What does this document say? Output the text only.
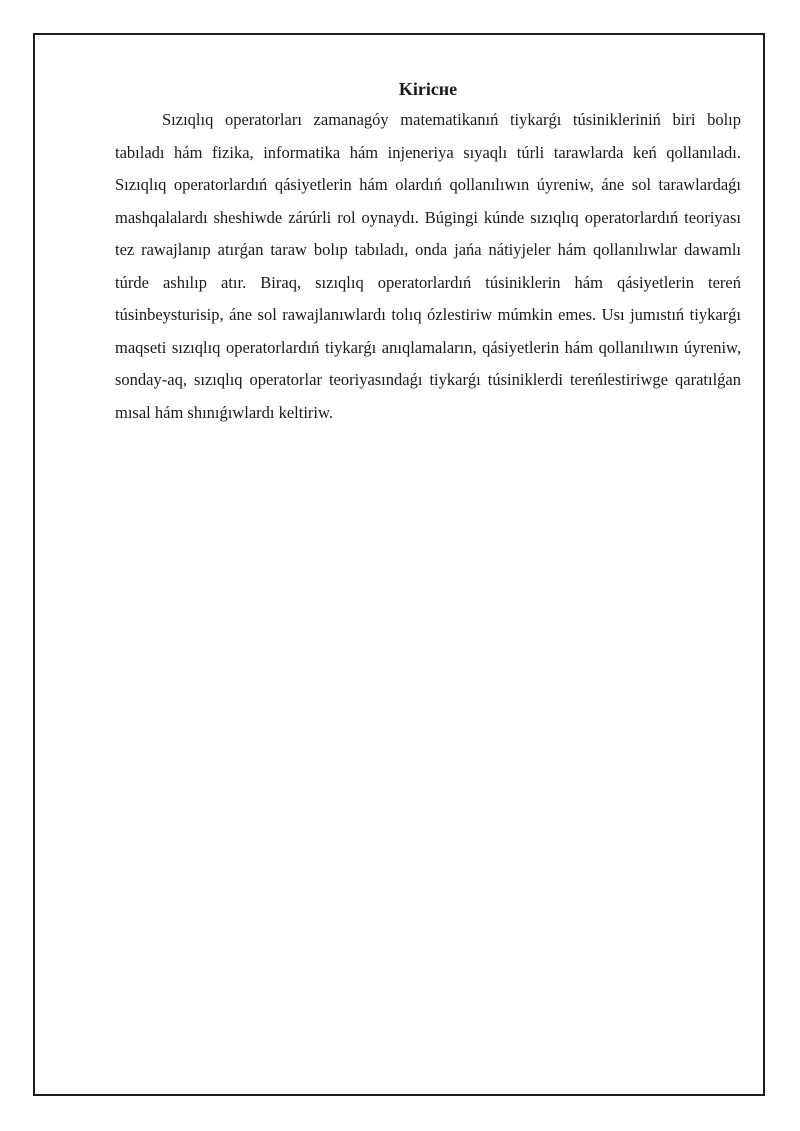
Kirісне

Sızıqlıq operatorları zamanagóy matematikanıń tiykarǵı túsiniklerіniń biri bolıp tabıladı hám fizika, informatika hám injeneriya sıyaqlı túrli tarawlarda keń qollanıladı. Sızıqlıq operatorlardıń qásiyetlerin hám olardıń qollanılıwın úyreniw, áne sol tarawlardaǵı mashqalalardı sheshiwde zárúrli rol oynaydı. Búgingi kúnde sızıqlıq operatorlardıń teoriyası tez rawajlanıp atırǵan taraw bolıp tabıladı, onda jańa nátiyjeler hám qollanılıwlar dawamlı túrde ashılıp atır. Biraq, sızıqlıq operatorlardıń túsiniklerin hám qásiyetlerin tereń túsinbeysturisip, áne sol rawajlanıwlardı tolıq ózlestiriw múmkin emes. Usı jumıstıń tiykarǵı maqseti sızıqlıq operatorlardıń tiykarǵı anıqlamaların, qásiyetlerin hám qollanılıwın úyreniw, sonday-aq, sızıqlıq operatorlar teoriyasındaǵı tiykarǵı túsiniklerdi tereńlestiriwge qaratılǵan mısal hám shınıǵıwlardı keltiriw.
